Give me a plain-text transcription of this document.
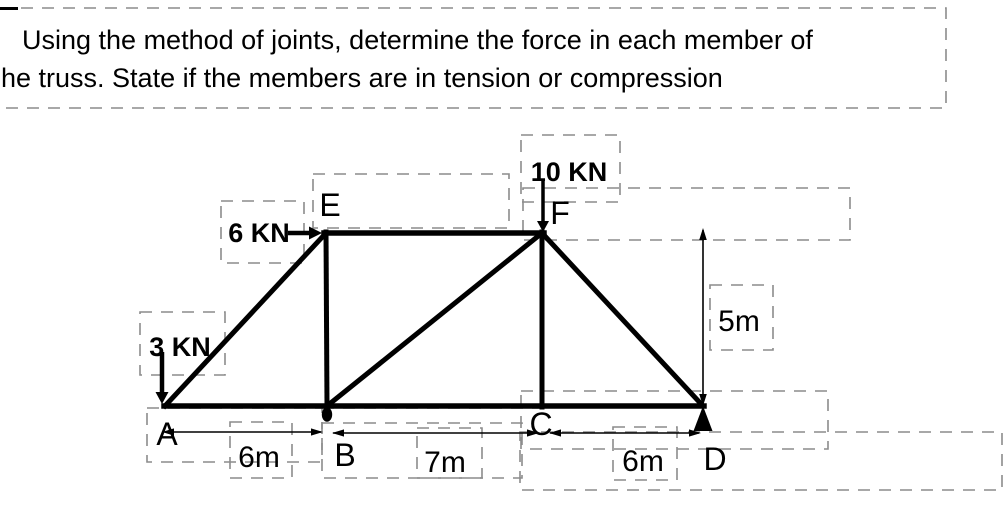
A
B
C
D
E	F
6m	7m	6m
5m
3 KN
6 KN
10 KN
Using the method of joints, determine the force in each member of
he truss. State if the members are in tension or compression
